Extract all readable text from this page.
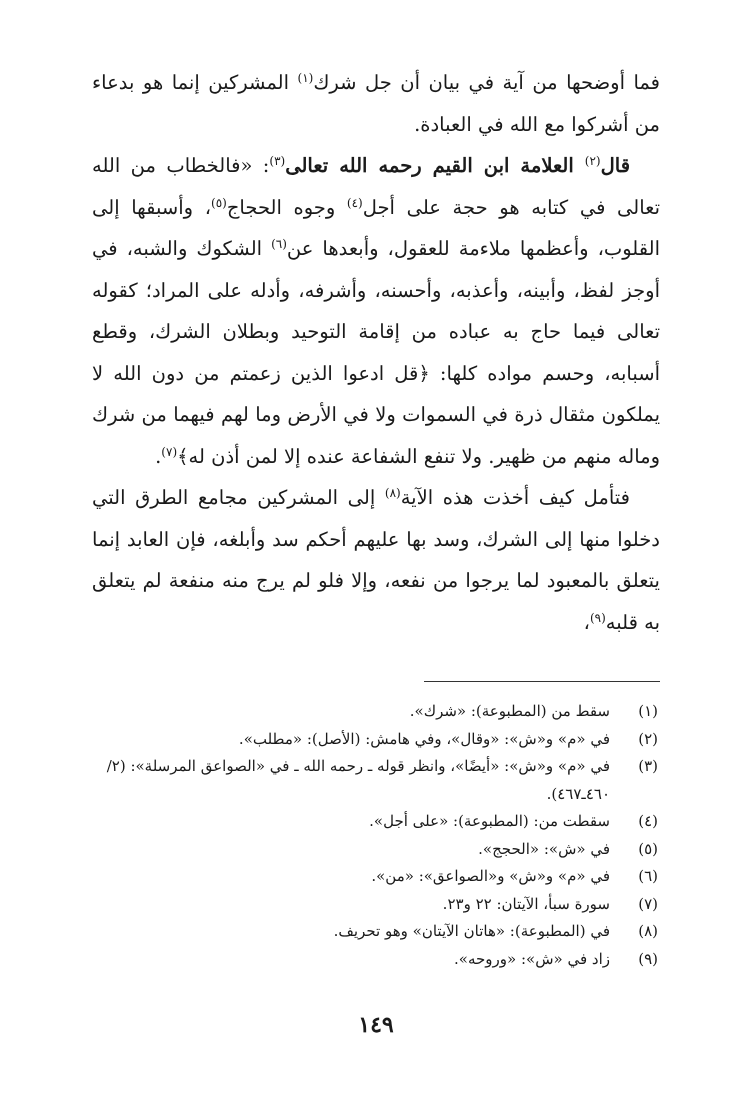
فما أوضحها من آية في بيان أن جل شرك$^{(١)}$ المشركين إنما هو بدعاء من أشركوا مع الله في العبادة.

قال$^{(٢)}$ العلامة ابن القيم رحمه الله تعالى$^{(٣)}$: «فالخطاب من الله تعالى في كتابه هو حجة على أجل$^{(٤)}$ وجوه الحجاج$^{(٥)}$، وأسبقها إلى القلوب، وأعظمها ملاءمة للعقول، وأبعدها عن$^{(٦)}$ الشكوك والشبه، في أوجز لفظ، وأبينه، وأعذبه، وأحسنه، وأشرفه، وأدله على المراد؛ كقوله تعالى فيما حاج به عباده من إقامة التوحيد وبطلان الشرك، وقطع أسبابه، وحسم مواده كلها: ﴿قل ادعوا الذين زعمتم من دون الله لا يملكون مثقال ذرة في السموات ولا في الأرض وما لهم فيهما من شرك وماله منهم من ظهير. ولا تنفع الشفاعة عنده إلا لمن أذن له﴾$^{(٧)}$.

فتأمل كيف أخذت هذه الآية$^{(٨)}$ إلى المشركين مجامع الطرق التي دخلوا منها إلى الشرك، وسد بها عليهم أحكم سد وأبلغه، فإن العابد إنما يتعلق بالمعبود لما يرجوا من نفعه، وإلا فلو لم يرج منه منفعة لم يتعلق به قلبه$^{(٩)}$،

(١)
سقط من (المطبوعة): «شرك».
(٢)
في «م» و«ش»: «وقال»، وفي هامش: (الأصل): «مطلب».
(٣)
في «م» و«ش»: «أيضًا»، وانظر قوله ـ رحمه الله ـ في «الصواعق المرسلة»: (٢/ ٤٦٠ـ٤٦٧).
(٤)
سقطت من: (المطبوعة): «على أجل».
(٥)
في «ش»: «الحجج».
(٦)
في «م» و«ش» و«الصواعق»: «من».
(٧)
سورة سبأ، الآيتان: ٢٢ و٢٣.
(٨)
في (المطبوعة): «هاتان الآيتان» وهو تحريف.
(٩)
زاد في «ش»: «وروحه».
١٤٩
